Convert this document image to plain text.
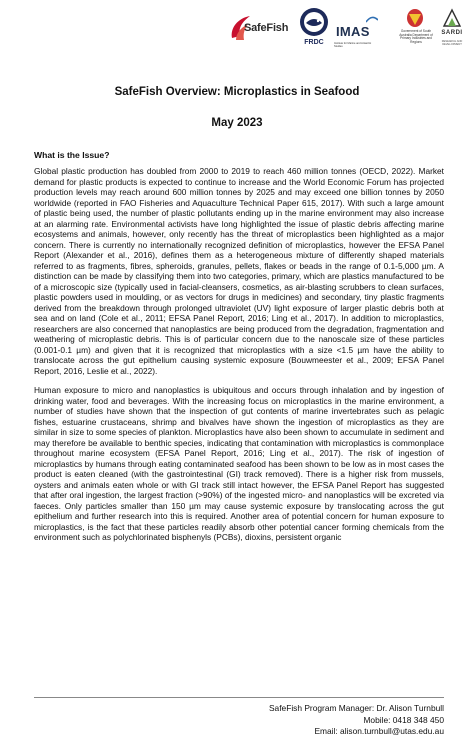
SafeFish
FRDC
IMAS
Institute for Marine and Antarctic Studies
Government of South Australia Department of Primary Industries and Regions
SARDI
RESEARCH AND DEVELOPMENT
SafeFish Overview: Microplastics in Seafood
May 2023
What is the Issue?

Global plastic production has doubled from 2000 to 2019 to reach 460 million tonnes (OECD, 2022). Market demand for plastic products is expected to continue to increase and the World Economic Forum has projected production levels may reach around 600 million tonnes by 2025 and may exceed one billion tonnes by 2050 worldwide (reported in FAO Fisheries and Aquaculture Technical Paper 615, 2017). With such a large amount of plastic being used, the number of plastic pollutants ending up in the marine environment may also increase at an alarming rate. Environmental activists have long highlighted the issue of plastic debris affecting marine ecosystems and animals, however, only recently has the threat of microplastics been highlighted as a major concern. There is currently no internationally recognized definition of microplastics, however the EFSA Panel Report (Alexander et al., 2016), defines them as a heterogeneous mixture of differently shaped materials referred to as fragments, fibres, spheroids, granules, pellets, flakes or beads in the range of 0.1-5,000 µm. A distinction can be made by classifying them into two categories, primary, which are plastics manufactured to be of a microscopic size (typically used in facial-cleansers, cosmetics, as air-blasting scrubbers to clean surfaces, plastic powders used in moulding, or as vectors for drugs in medicines) and secondary, tiny plastic fragments derived from the breakdown through prolonged ultraviolet (UV) light exposure of larger plastic debris both at sea and on land (Cole et al., 2011; EFSA Panel Report, 2016; Ling et al., 2017). In addition to microplastics, researchers are also concerned that nanoplastics are being produced from the degradation, fragmentation and weathering of microplastic debris. This is of particular concern due to the nanoscale size of these particles (0.001-0.1 µm) and given that it is recognized that microplastics with a size <1.5 µm have the ability to translocate across the gut epithelium causing systemic exposure (Bouwmeester et al., 2009; EFSA Panel Report, 2016, Leslie et al., 2022).

Human exposure to micro and nanoplastics is ubiquitous and occurs through inhalation and by ingestion of drinking water, food and beverages. With the increasing focus on microplastics in the marine environment, a number of studies have shown that the inspection of gut contents of marine invertebrates such as pelagic fishes, estuarine crustaceans, shrimp and bivalves have shown the ingestion of microplastics as they are similar in size to some species of plankton. Microplastics have also been shown to accumulate in sediment and may therefore be available to benthic species, indicating that contamination with microplastics is commonplace throughout marine ecosystem (EFSA Panel Report, 2016; Ling et al., 2017). The risk of ingestion of microplastics by humans through eating contaminated seafood has been shown to be low as in most cases the product is eaten cleaned (with the gastrointestinal (GI) track removed). There is a higher risk from mussels, oysters and animals eaten whole or with GI track still intact however, the EFSA Panel Report has suggested that after oral ingestion, the largest fraction (>90%) of the ingested micro- and nanoplastics will be excreted via faeces. Only particles smaller than 150 µm may cause systemic exposure by translocating across the gut epithelium and further research into this is required. Another area of potential concern for human exposure to microplastics, is the fact that these particles readily absorb other potential cancer forming chemicals from the environment such as polychlorinated bisphenyls (PCBs), dioxins, persistent organic

SafeFish Program Manager: Dr. Alison Turnbull
Mobile: 0418 348 450
Email: alison.turnbull@utas.edu.au
